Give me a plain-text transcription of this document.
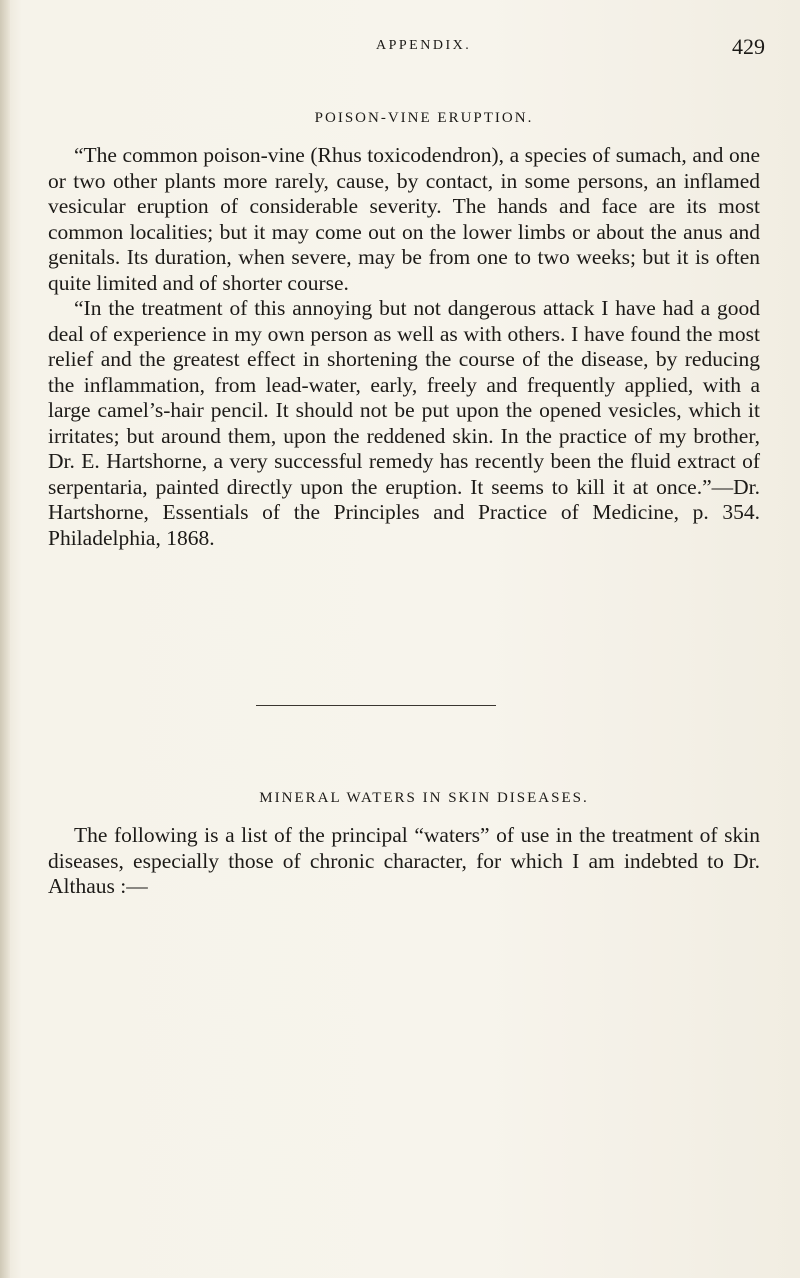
APPENDIX.	429
POISON-VINE ERUPTION.

“The common poison-vine (Rhus toxicodendron), a species of sumach, and one or two other plants more rarely, cause, by contact, in some persons, an inflamed vesicular eruption of considerable severity. The hands and face are its most common localities; but it may come out on the lower limbs or about the anus and genitals. Its duration, when severe, may be from one to two weeks; but it is often quite limited and of shorter course.

“In the treatment of this annoying but not dangerous attack I have had a good deal of experience in my own person as well as with others. I have found the most relief and the greatest effect in shortening the course of the disease, by reducing the inflammation, from lead-water, early, freely and frequently applied, with a large camel’s-hair pencil. It should not be put upon the opened vesicles, which it irritates; but around them, upon the reddened skin. In the practice of my brother, Dr. E. Hartshorne, a very successful remedy has recently been the fluid extract of serpentaria, painted directly upon the eruption. It seems to kill it at once.”—Dr. Hartshorne, Essentials of the Principles and Practice of Medicine, p. 354. Philadelphia, 1868.

MINERAL WATERS IN SKIN DISEASES.

The following is a list of the principal “waters” of use in the treatment of skin diseases, especially those of chronic character, for which I am indebted to Dr. Althaus :—
